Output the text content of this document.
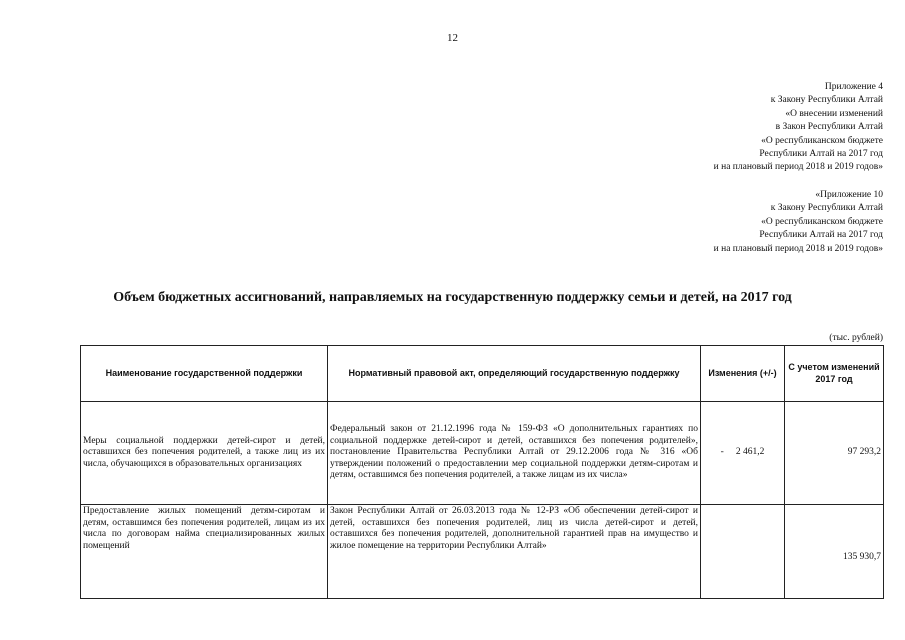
12
Приложение 4
к Закону Республики Алтай
«О внесении изменений
в Закон Республики Алтай
«О республиканском бюджете
Республики Алтай на 2017 год
и на плановый период 2018 и 2019 годов»
«Приложение 10
к Закону Республики Алтай
«О республиканском бюджете
Республики Алтай на 2017 год
и на плановый период 2018 и 2019 годов»
Объем бюджетных ассигнований, направляемых на государственную поддержку семьи и детей, на 2017 год
(тыс. рублей)
Наименование государственной поддержки	Нормативный правовой акт, определяющий государственную поддержку	Изменения (+/-)	С учетом изменений 2017 год
Меры социальной поддержки детей-сирот и детей, оставшихся без попечения родителей, а также лиц из их числа, обучающихся в образовательных организациях	Федеральный закон от 21.12.1996 года № 159-ФЗ «О дополнительных гарантиях по социальной поддержке детей-сирот и детей, оставшихся без попечения родителей», постановление Правительства Республики Алтай от 29.12.2006 года № 316 «Об утверждении положений о предоставлении мер социальной поддержки детям-сиротам и детям, оставшимся без попечения родителей, а также лицам из их числа»	- 2 461,2	97 293,2
Предоставление жилых помещений детям-сиротам и детям, оставшимся без попечения родителей, лицам из их числа по договорам найма специализированных жилых помещений	Закон Республики Алтай от 26.03.2013 года № 12-РЗ «Об обеспечении детей-сирот и детей, оставшихся без попечения родителей, лиц из числа детей-сирот и детей, оставшихся без попечения родителей, дополнительной гарантией прав на имущество и жилое помещение на территории Республики Алтай»		135 930,7
